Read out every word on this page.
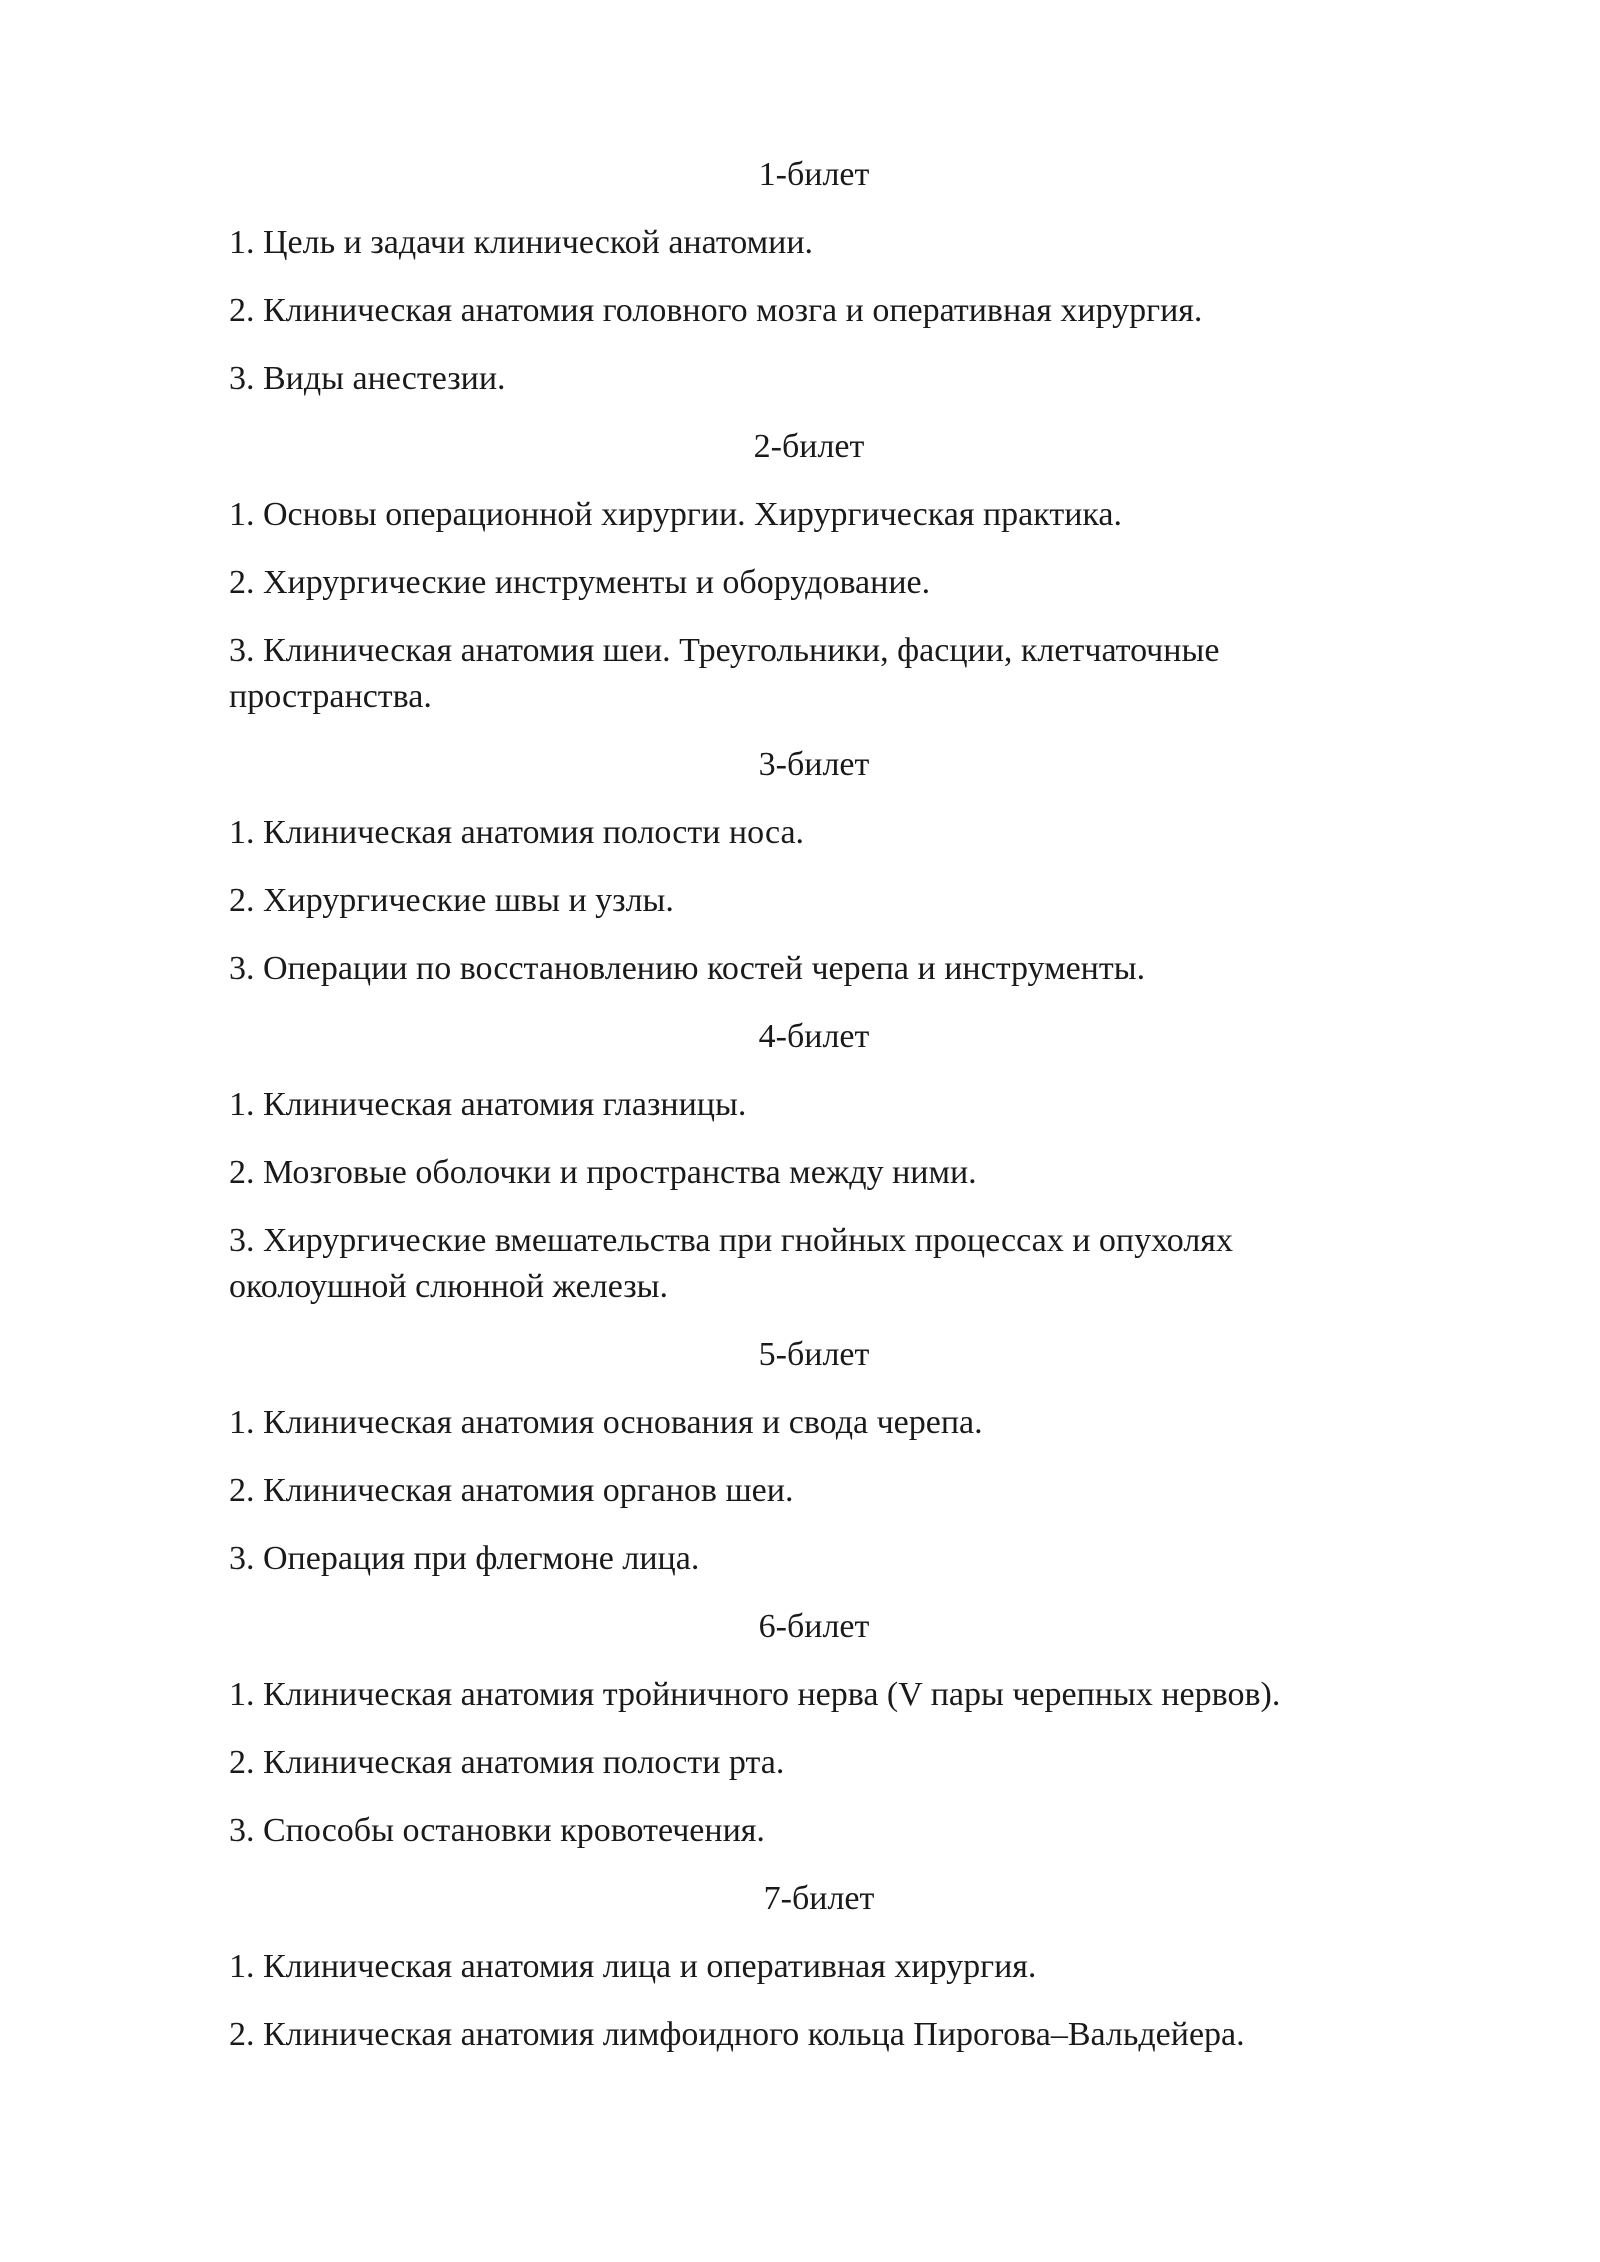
1-билет
1. Цель и задачи клинической анатомии.
2. Клиническая анатомия головного мозга и оперативная хирургия.
3. Виды анестезии.
2-билет
1. Основы операционной хирургии. Хирургическая практика.
2. Хирургические инструменты и оборудование.
3. Клиническая анатомия шеи. Треугольники, фасции, клетчаточные пространства.
3-билет
1. Клиническая анатомия полости носа.
2. Хирургические швы и узлы.
3. Операции по восстановлению костей черепа и инструменты.
4-билет
1. Клиническая анатомия глазницы.
2. Мозговые оболочки и пространства между ними.
3. Хирургические вмешательства при гнойных процессах и опухолях околоушной слюнной железы.
5-билет
1. Клиническая анатомия основания и свода черепа.
2. Клиническая анатомия органов шеи.
3. Операция при флегмоне лица.
6-билет
1. Клиническая анатомия тройничного нерва (V пары черепных нервов).
2. Клиническая анатомия полости рта.
3. Способы остановки кровотечения.
7-билет
1. Клиническая анатомия лица и оперативная хирургия.
2. Клиническая анатомия лимфоидного кольца Пирогова–Вальдейера.
